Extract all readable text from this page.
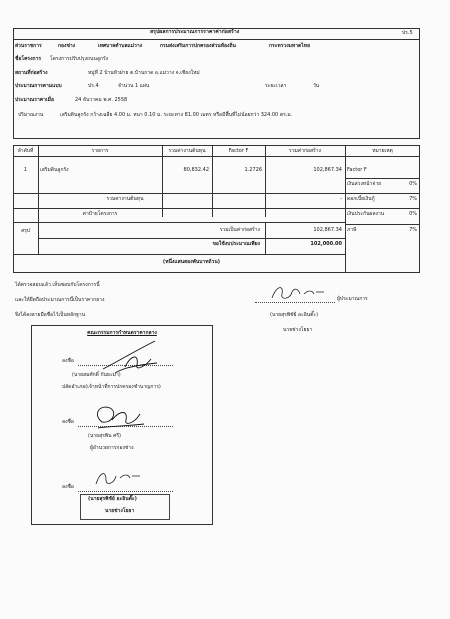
สรุปผลการประมาณการราคาค่าก่อสร้าง	ปร.5
ส่วนราชการ	กองช่าง	เทศบาลตำบลแม่วาง	กรมส่งเสริมการปกครองส่วนท้องถิ่น	กระทรวงมหาดไทย
ชื่อโครงการ โครงการปรับปรุงถนนลูกรัง
สถานที่ก่อสร้าง	หมู่ที่ 2 บ้านหัวฝาย ต.บ้านกาด อ.แม่วาง จ.เชียงใหม่
ประมาณการตามแบบ	ปร.4	จำนวน 1 แผ่น	ระยะเวลา	วัน
ประมาณราคาเมื่อ	24 ธันวาคม พ.ศ. 2558
ปริมาณงาน	เสริมดินลูกรัง กว้างเฉลี่ย 4.00 ม. หนา 0.10 ม. ระยะทาง 81.00 เมตร หรือมีพื้นที่ไม่น้อยกว่า 324.00 ตร.ม.
ลำดับที่	รายการ	รวมค่างานต้นทุน	Factor F	รวมค่าก่อสร้าง	หมายเหตุ
1	เสริมดินลูกรัง	80,832.42	1.2726	102,867.34 Factor F
เงินล่วงหน้าจ่าย	0%
ดอกเบี้ยเงินกู้	7%
เงินประกันผลงาน	0%
ภาษี	7%
รวมค่างานต้นทุน	-
ค่าป้ายโครงการ
สรุป	รวมเป็นค่าก่อสร้าง	102,867.34
ขอใช้งบประมาณเพียง	102,000.00
(หนึ่งแสนสองพันบาทถ้วน)
ได้ตรวจสอบแล้ว เห็นชอบกับโครงการนี้
และให้ยึดถือประมาณการนี้เป็นราคากลาง
จึงได้ลงลายมือชื่อไว้เป็นหลักฐาน
ผู้ประมาณการ
(นายสุรพิชัย์ อะอินตั๊ะ)
นายช่างโยธา
คณะกรรมการกำหนดราคากลาง
ลงชื่อ
(นายสมศักดิ์ กันธะมา)
ปลัดอำเภอ(เจ้าหน้าที่การปกครองชำนาญการ)
ลงชื่อ
(นายสุรพิน ศรี)
ผู้อำนวยการกองช่าง
ลงชื่อ
(นายสุรพิชัย์ อะอินตั๊ะ)
นายช่างโยธา
